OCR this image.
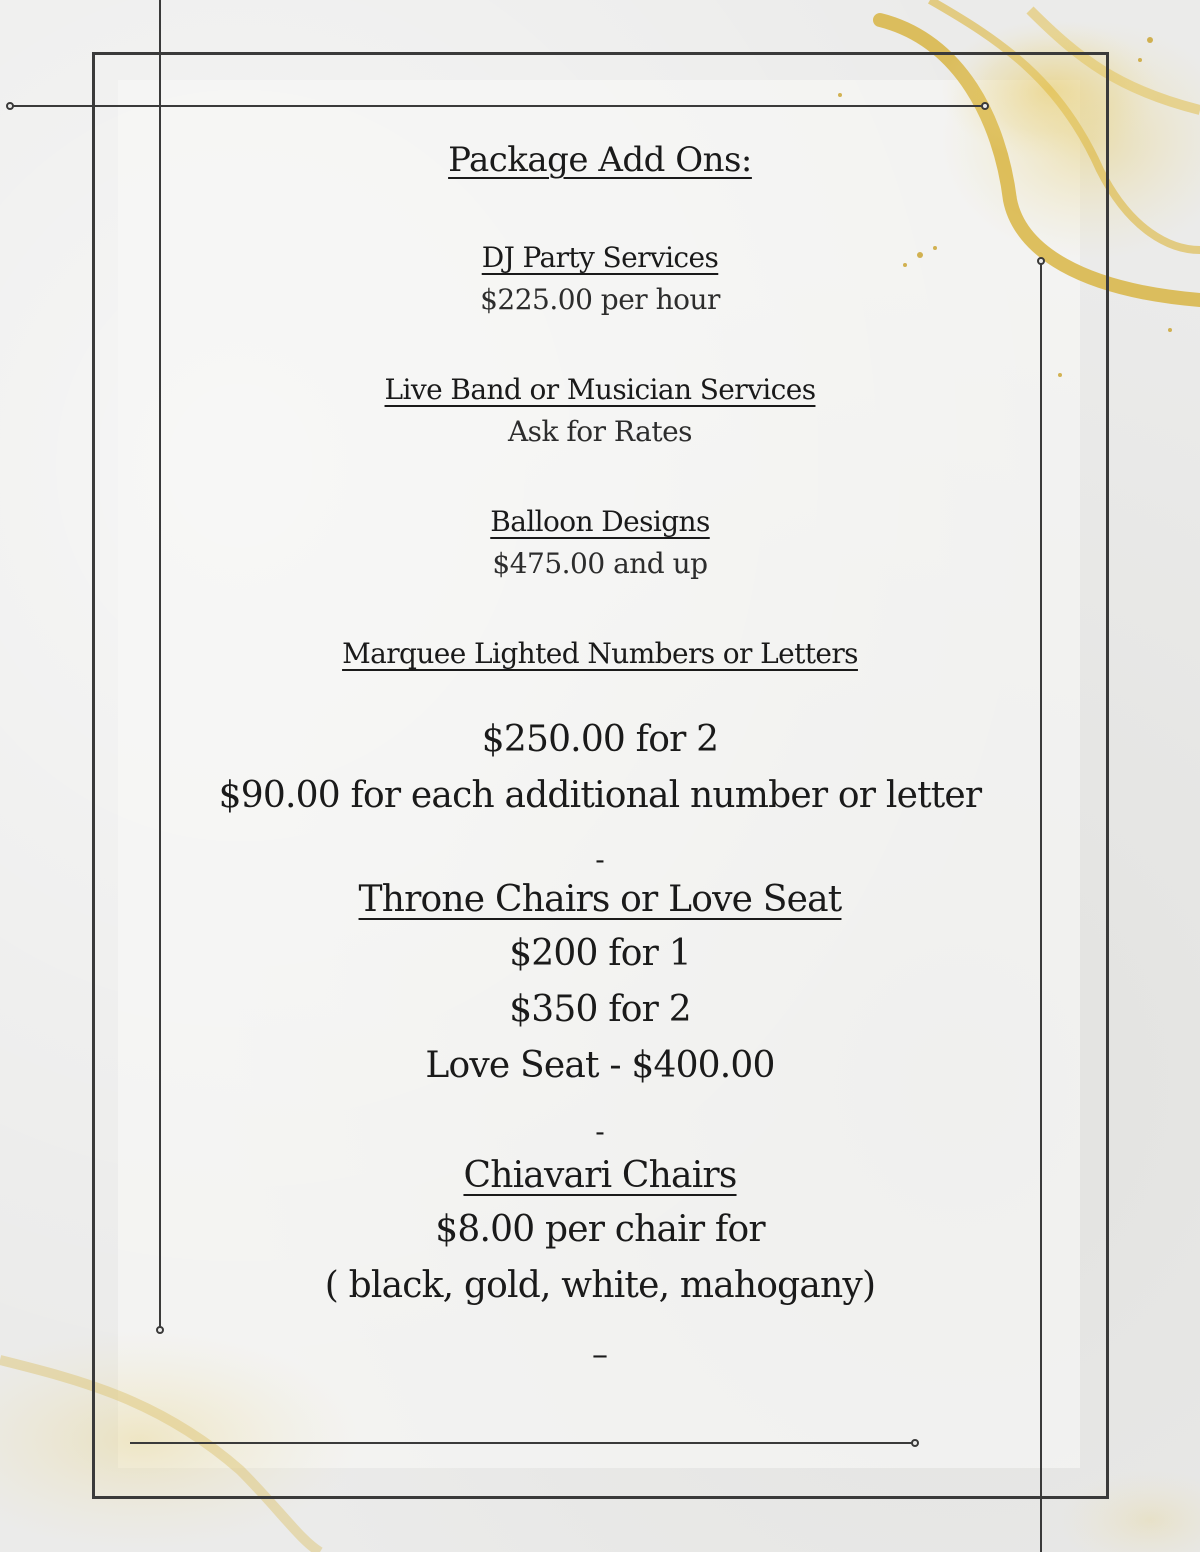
Package Add Ons:
DJ Party Services
$225.00 per hour
Live Band or Musician Services
Ask for Rates
Balloon Designs
$475.00 and up
Marquee Lighted Numbers or Letters
$250.00 for 2
$90.00 for each additional number or letter
-
Throne Chairs or Love Seat
$200 for 1
$350 for 2
Love Seat - $400.00
-
Chiavari Chairs
$8.00 per chair for
( black, gold, white, mahogany)
–
